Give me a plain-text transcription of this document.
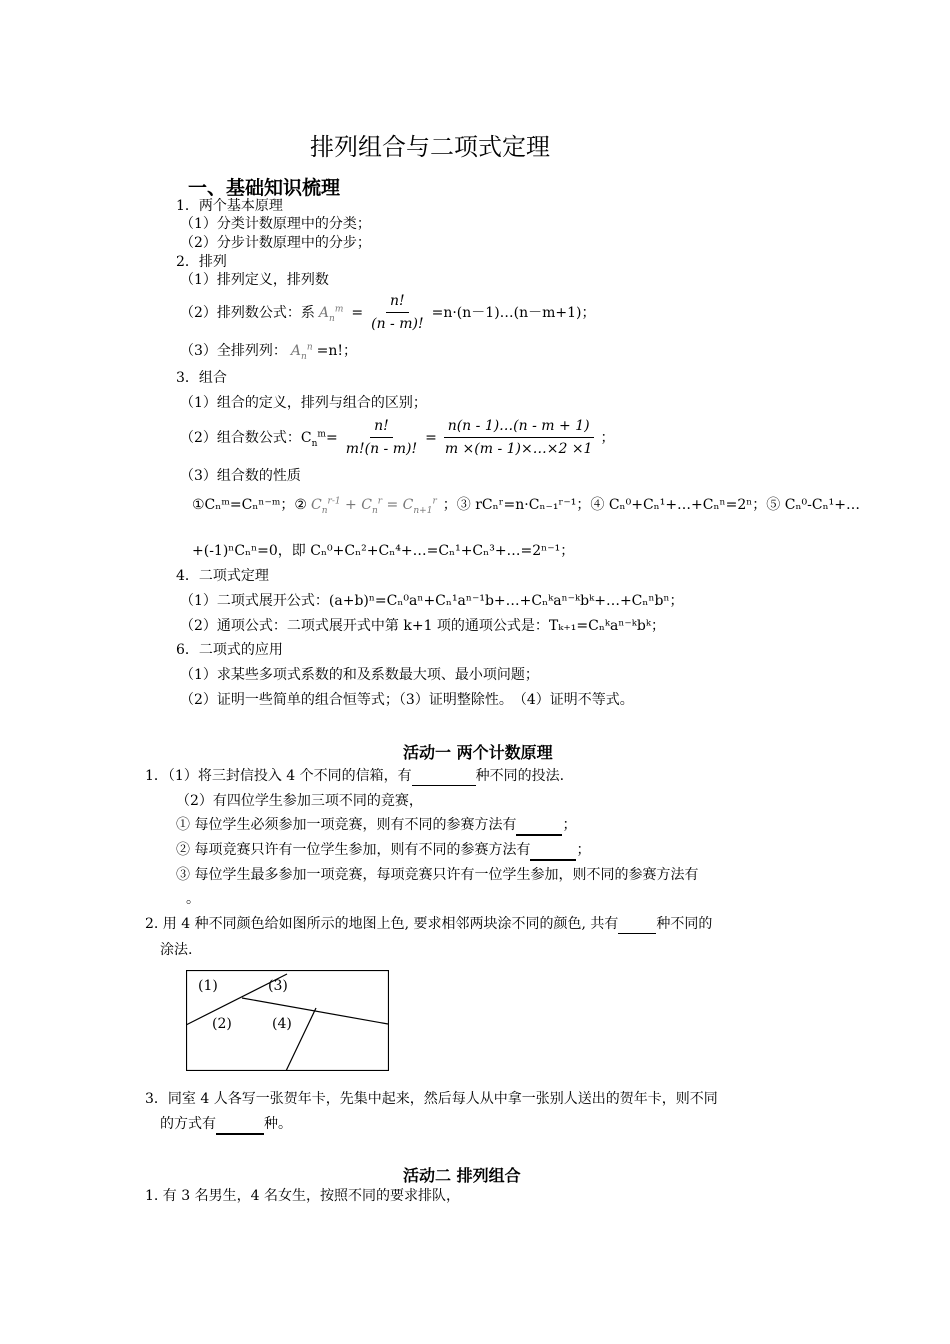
排列组合与二项式定理
一、基础知识梳理
1．两个基本原理
（1）分类计数原理中的分类；
（2）分步计数原理中的分步；
2．排列
（1）排列定义，排列数
（2）排列数公式：系 $A_n^m = \frac{n!}{(n - m)!}$ =n·(n－1)…(n－m+1)；
（3）全排列列： $A_n^n =n$!；
3．组合
（1）组合的定义，排列与组合的区别；
（2）组合数公式：C $_n^m= \frac{n!}{m!(n - m)!} = \frac{n(n - 1)\dots(n - m + 1)}{m \times(m - 1)\times\dots\times 2 \times 1}$ ；
（3）组合数的性质
①Cₙᵐ=Cₙⁿ⁻ᵐ；② $C_n^{r-1} + C_n^r = C_{n+1}^r$ ；③ rCₙʳ=n·Cₙ₋₁ʳ⁻¹；④ Cₙ⁰+Cₙ¹+…+Cₙⁿ=2ⁿ；⑤ Cₙ⁰-Cₙ¹+…
+(-1)ⁿCₙⁿ=0，即 Cₙ⁰+Cₙ²+Cₙ⁴+…=Cₙ¹+Cₙ³+…=2ⁿ⁻¹；
4．二项式定理
（1）二项式展开公式：(a+b)ⁿ=Cₙ⁰aⁿ+Cₙ¹aⁿ⁻¹b+…+Cₙᵏaⁿ⁻ᵏbᵏ+…+Cₙⁿbⁿ；
（2）通项公式：二项式展开式中第 k+1 项的通项公式是：Tₖ₊₁=Cₙᵏaⁿ⁻ᵏbᵏ；
6．二项式的应用
（1）求某些多项式系数的和及系数最大项、最小项问题；
（2）证明一些简单的组合恒等式；（3）证明整除性。　（4）证明不等式。
活动一 两个计数原理
1．（1）将三封信投入 4 个不同的信箱，有	种不同的投法.
（2）有四位学生参加三项不同的竞赛，
① 每位学生必须参加一项竞赛，则有不同的参赛方法有	；
② 每项竞赛只许有一位学生参加，则有不同的参赛方法有	；
③ 每位学生最多参加一项竞赛，每项竞赛只许有一位学生参加，则不同的参赛方法有
。
2. 用 4 种不同颜色给如图所示的地图上色, 要求相邻两块涂不同的颜色, 共有	种不同的
涂法.
(1)	(3)
(2)	(4)
3．同室 4 人各写一张贺年卡，先集中起来，然后每人从中拿一张别人送出的贺年卡，则不同
的方式有	种。
活动二 排列组合
1. 有 3 名男生，4 名女生，按照不同的要求排队，
